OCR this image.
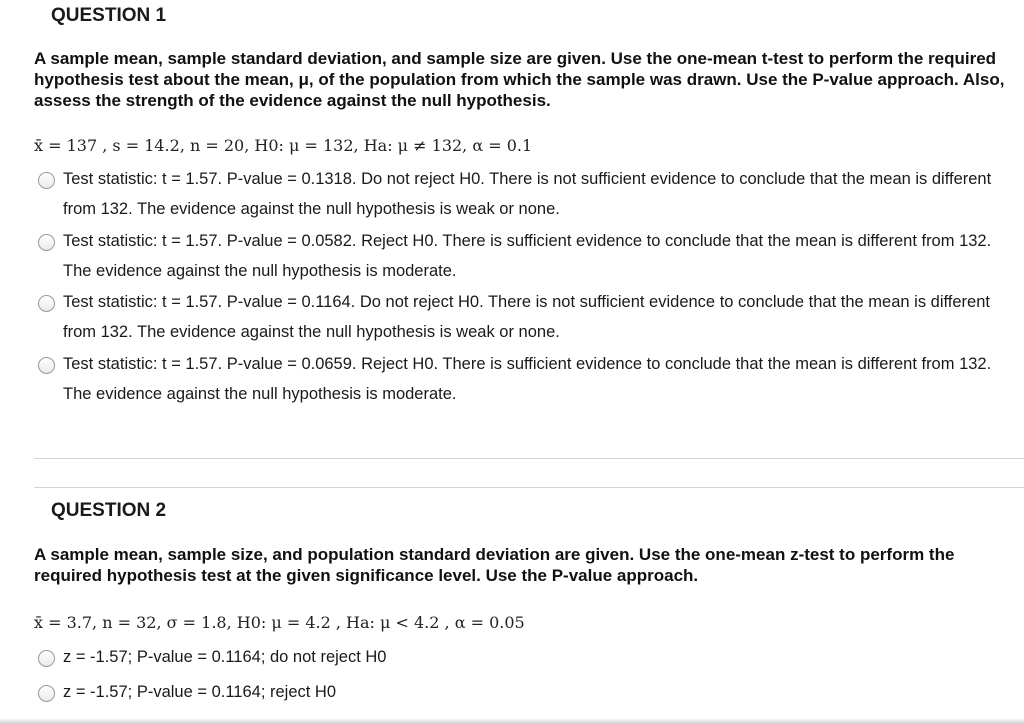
QUESTION 1
A sample mean, sample standard deviation, and sample size are given. Use the one-mean t-test to perform the required hypothesis test about the mean, μ, of the population from which the sample was drawn. Use the P-value approach. Also, assess the strength of the evidence against the null hypothesis.
x̄ = 137 , s = 14.2, n = 20, H0: μ = 132, Ha: μ ≠ 132, α = 0.1
Test statistic: t = 1.57. P-value = 0.1318. Do not reject H0. There is not sufficient evidence to conclude that the mean is different from 132. The evidence against the null hypothesis is weak or none.
Test statistic: t = 1.57. P-value = 0.0582. Reject H0. There is sufficient evidence to conclude that the mean is different from 132. The evidence against the null hypothesis is moderate.
Test statistic: t = 1.57. P-value = 0.1164. Do not reject H0. There is not sufficient evidence to conclude that the mean is different from 132. The evidence against the null hypothesis is weak or none.
Test statistic: t = 1.57. P-value = 0.0659. Reject H0. There is sufficient evidence to conclude that the mean is different from 132. The evidence against the null hypothesis is moderate.
QUESTION 2
A sample mean, sample size, and population standard deviation are given. Use the one-mean z-test to perform the required hypothesis test at the given significance level. Use the P-value approach.
x̄ = 3.7, n = 32, σ = 1.8, H0: μ = 4.2 , Ha: μ < 4.2 , α = 0.05
z = -1.57; P-value = 0.1164; do not reject H0
z = -1.57; P-value = 0.1164; reject H0
